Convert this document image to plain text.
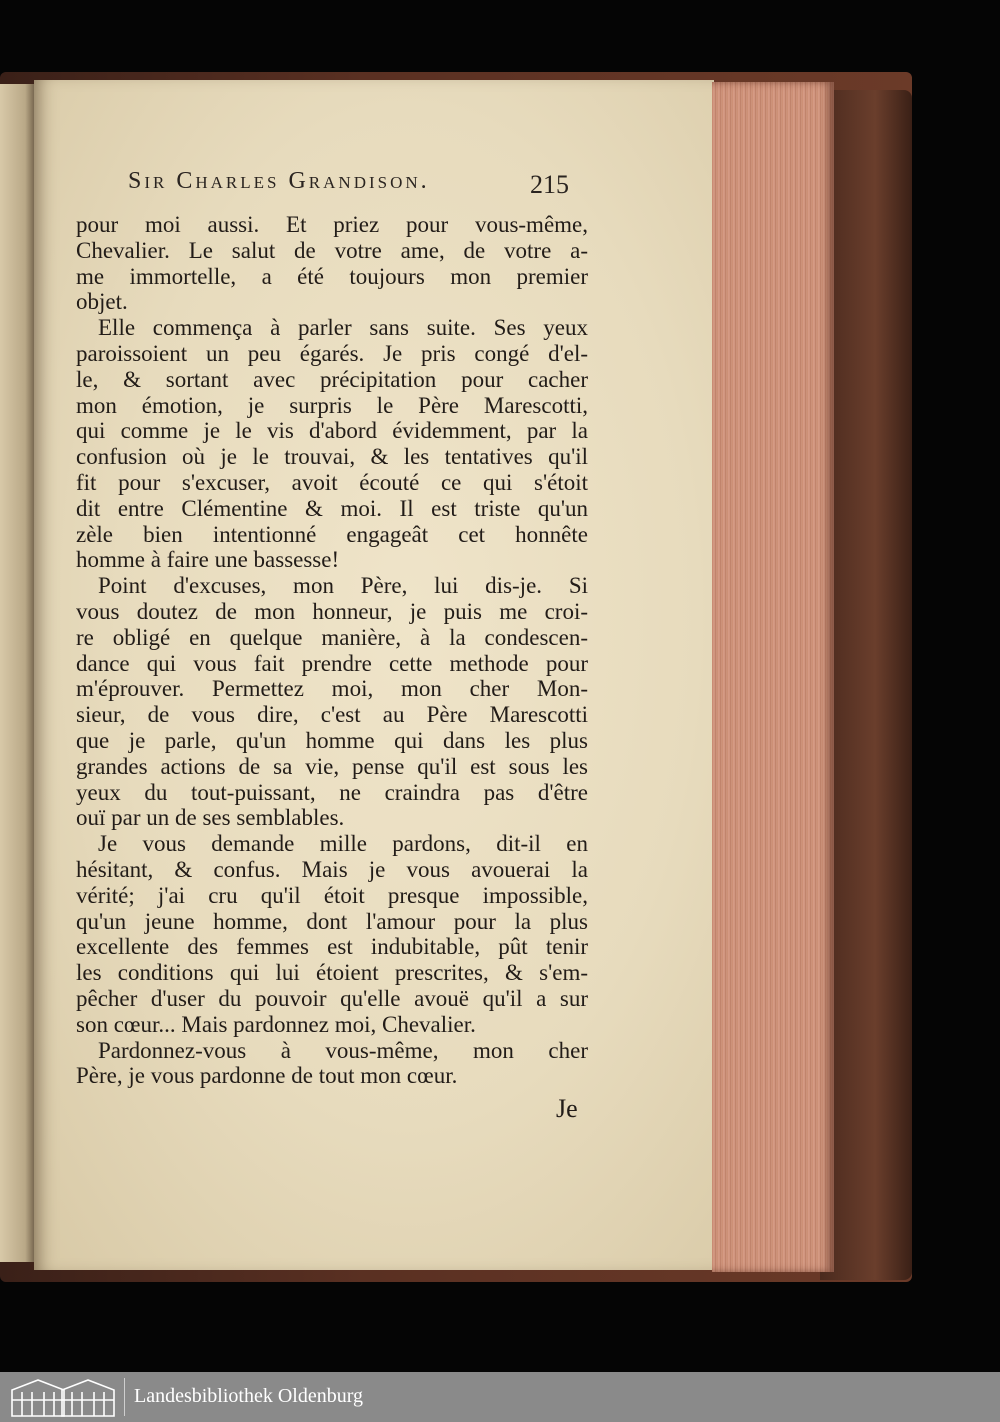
Sir Charles Grandison.	215
pour moi aussi. Et priez pour vous-même,
Chevalier. Le salut de votre ame, de votre a-
me immortelle, a été toujours mon premier
objet.
Elle commença à parler sans suite. Ses yeux
paroissoient un peu égarés. Je pris congé d'el-
le, & sortant avec précipitation pour cacher
mon émotion, je surpris le Père Marescotti,
qui comme je le vis d'abord évidemment, par la
confusion où je le trouvai, & les tentatives qu'il
fit pour s'excuser, avoit écouté ce qui s'étoit
dit entre Clémentine & moi. Il est triste qu'un
zèle bien intentionné engageât cet honnête
homme à faire une bassesse!
Point d'excuses, mon Père, lui dis-je. Si
vous doutez de mon honneur, je puis me croi-
re obligé en quelque manière, à la condescen-
dance qui vous fait prendre cette methode pour
m'éprouver. Permettez moi, mon cher Mon-
sieur, de vous dire, c'est au Père Marescotti
que je parle, qu'un homme qui dans les plus
grandes actions de sa vie, pense qu'il est sous les
yeux du tout-puissant, ne craindra pas d'être
ouï par un de ses semblables.
Je vous demande mille pardons, dit-il en
hésitant, & confus. Mais je vous avouerai la
vérité; j'ai cru qu'il étoit presque impossible,
qu'un jeune homme, dont l'amour pour la plus
excellente des femmes est indubitable, pût tenir
les conditions qui lui étoient prescrites, & s'em-
pêcher d'user du pouvoir qu'elle avouë qu'il a sur
son cœur... Mais pardonnez moi, Chevalier.
Pardonnez-vous à vous-même, mon cher
Père, je vous pardonne de tout mon cœur.
Je
Landesbibliothek Oldenburg
